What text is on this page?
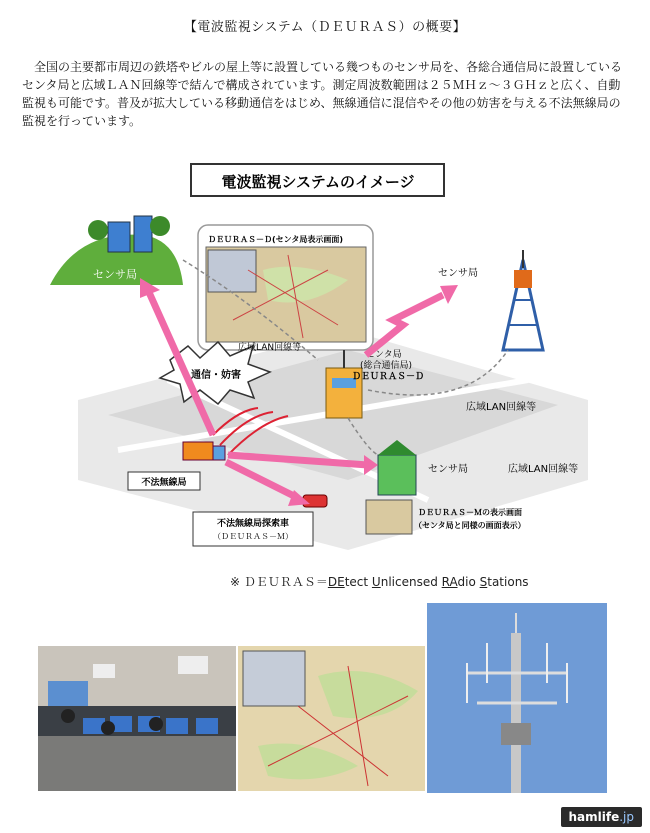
【電波監視システム（ＤＥＵＲＡＳ）の概要】
全国の主要都市周辺の鉄塔やビルの屋上等に設置している幾つものセンサ局を、各総合通信局に設置しているセンタ局と広域ＬＡＮ回線等で結んで構成されています。測定周波数範囲は２５ＭＨｚ～３ＧＨｚと広く、自動監視も可能です。普及が拡大している移動通信をはじめ、無線通信に混信やその他の妨害を与える不法無線局の監視を行っています。
電波監視システムのイメージ
センサ局
ＤＥＵＲＡＳ－Ｄ(センタ局表示画面)
センサ局
センタ局
(総合通信局)
ＤＥＵＲＡＳ－Ｄ
通信・妨害
不法無線局
センサ局
不法無線局探索車
（ＤＥＵＲＡＳ－Ｍ）
ＤＥＵＲＡＳ－Ｍの表示画面
（センタ局と同様の画面表示）
広域LAN回線等
広域LAN回線等
広域LAN回線等
※ ＤＥＵＲＡＳ＝DEtect Unlicensed RAdio Stations
hamlife.jp
